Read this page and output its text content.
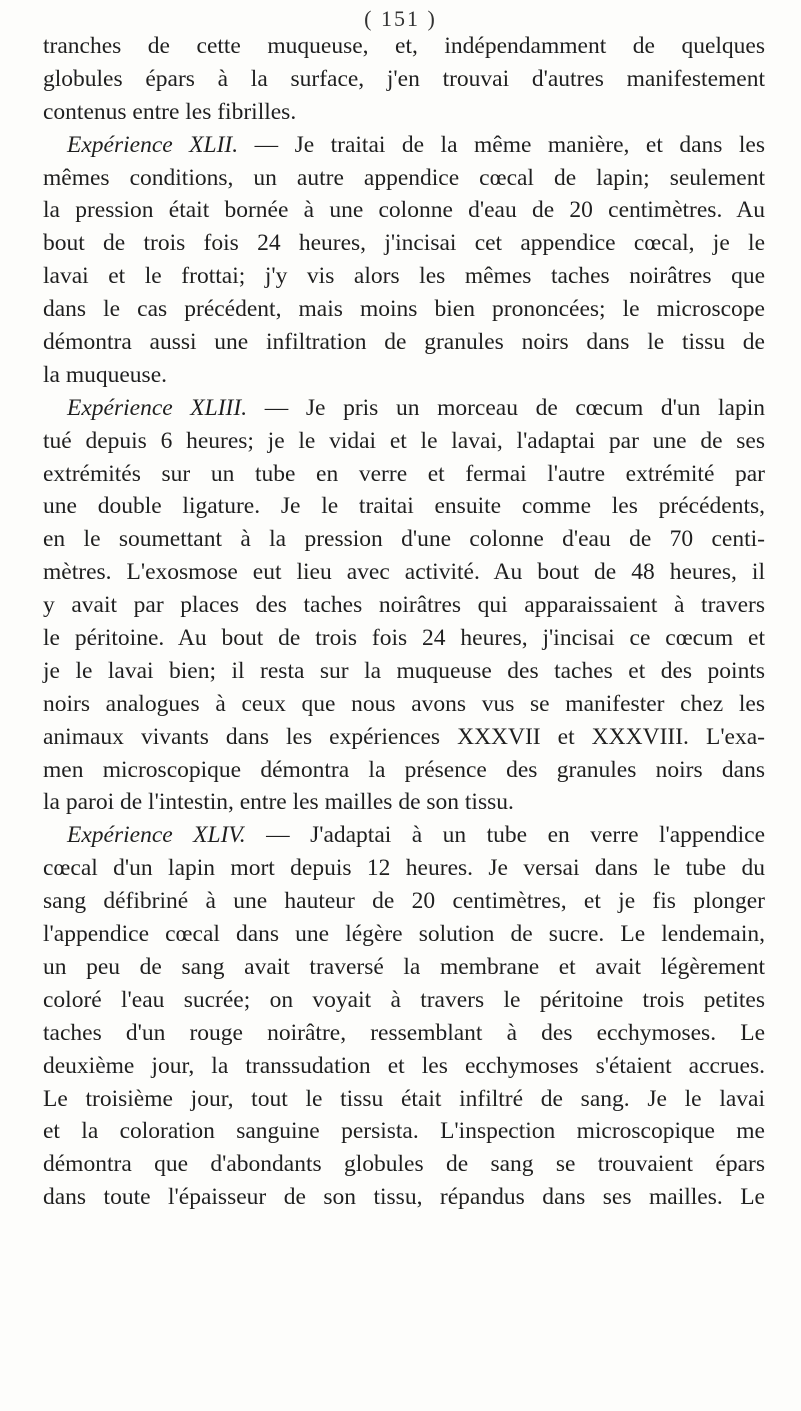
( 151 )
tranches de cette muqueuse, et, indépendamment de quelques
globules épars à la surface, j'en trouvai d'autres manifestement
contenus entre les fibrilles.
Expérience XLII. — Je traitai de la même manière, et dans les
mêmes conditions, un autre appendice cœcal de lapin; seulement
la pression était bornée à une colonne d'eau de 20 centimètres. Au
bout de trois fois 24 heures, j'incisai cet appendice cœcal, je le
lavai et le frottai; j'y vis alors les mêmes taches noirâtres que
dans le cas précédent, mais moins bien prononcées; le microscope
démontra aussi une infiltration de granules noirs dans le tissu de
la muqueuse.
Expérience XLIII. — Je pris un morceau de cœcum d'un lapin
tué depuis 6 heures; je le vidai et le lavai, l'adaptai par une de ses
extrémités sur un tube en verre et fermai l'autre extrémité par
une double ligature. Je le traitai ensuite comme les précédents,
en le soumettant à la pression d'une colonne d'eau de 70 centi-
mètres. L'exosmose eut lieu avec activité. Au bout de 48 heures, il
y avait par places des taches noirâtres qui apparaissaient à travers
le péritoine. Au bout de trois fois 24 heures, j'incisai ce cœcum et
je le lavai bien; il resta sur la muqueuse des taches et des points
noirs analogues à ceux que nous avons vus se manifester chez les
animaux vivants dans les expériences XXXVII et XXXVIII. L'exa-
men microscopique démontra la présence des granules noirs dans
la paroi de l'intestin, entre les mailles de son tissu.
Expérience XLIV. — J'adaptai à un tube en verre l'appendice
cœcal d'un lapin mort depuis 12 heures. Je versai dans le tube du
sang défibriné à une hauteur de 20 centimètres, et je fis plonger
l'appendice cœcal dans une légère solution de sucre. Le lendemain,
un peu de sang avait traversé la membrane et avait légèrement
coloré l'eau sucrée; on voyait à travers le péritoine trois petites
taches d'un rouge noirâtre, ressemblant à des ecchymoses. Le
deuxième jour, la transsudation et les ecchymoses s'étaient accrues.
Le troisième jour, tout le tissu était infiltré de sang. Je le lavai
et la coloration sanguine persista. L'inspection microscopique me
démontra que d'abondants globules de sang se trouvaient épars
dans toute l'épaisseur de son tissu, répandus dans ses mailles. Le
